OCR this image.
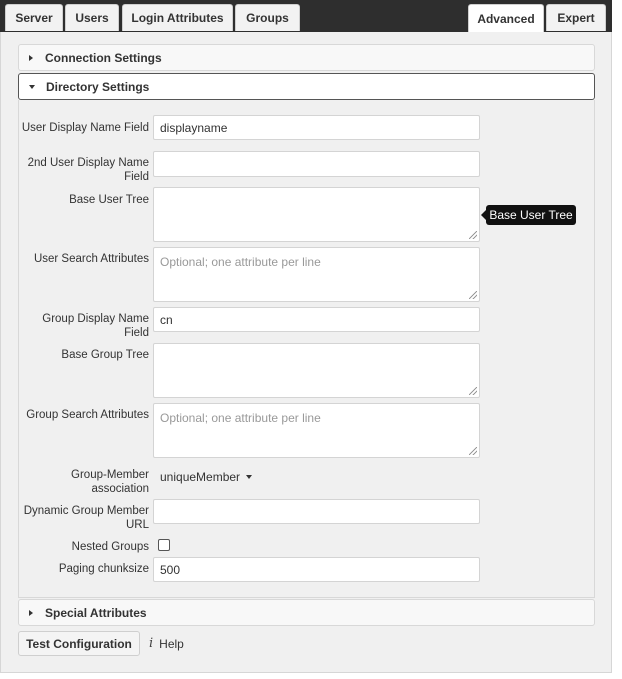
Server Users Login Attributes Groups	Advanced Expert
Connection Settings
Directory Settings
User Display Name Field displayname
2nd User Display Name Field
Base User Tree
Base User Tree
User Search Attributes Optional; one attribute per line
Group Display Name Field
cn
Base Group Tree
Group Search Attributes Optional; one attribute per line
Group-Member association
uniqueMember
Dynamic Group Member URL
Nested Groups
Paging chunksize 500
Special Attributes
Test Configuration i Help
